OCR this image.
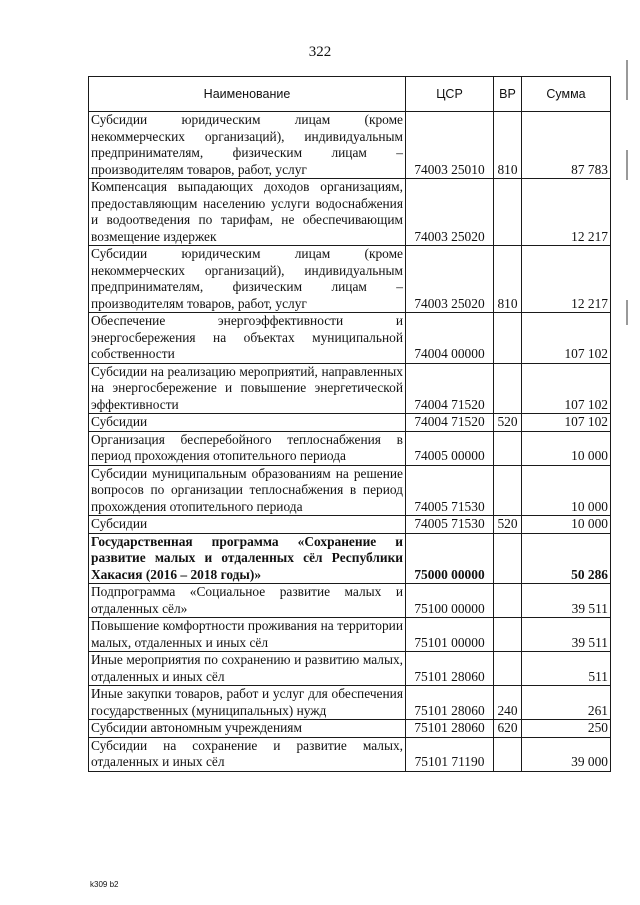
322
Наименование	ЦСР	ВР	Сумма
Субсидии юридическим лицам (кроме некоммерческих организаций), индивидуальным предпринимателям, физическим лицам – производителям товаров, работ, услуг	74003 25010	810	87 783
Компенсация выпадающих доходов организациям, предоставляющим населению услуги водоснабжения и водоотведения по тарифам, не обеспечивающим возмещение издержек	74003 25020		12 217
Субсидии юридическим лицам (кроме некоммерческих организаций), индивидуальным предпринимателям, физическим лицам – производителям товаров, работ, услуг	74003 25020	810	12 217
Обеспечение энергоэффективности и энергосбережения на объектах муниципальной собственности	74004 00000		107 102
Субсидии на реализацию мероприятий, направленных на энергосбережение и повышение энергетической эффективности	74004 71520		107 102
Субсидии	74004 71520	520	107 102
Организация бесперебойного теплоснабжения в период прохождения отопительного периода	74005 00000		10 000
Субсидии муниципальным образованиям на решение вопросов по организации теплоснабжения в период прохождения отопительного периода	74005 71530		10 000
Субсидии	74005 71530	520	10 000
Государственная программа «Сохранение и развитие малых и отдаленных сёл Республики Хакасия (2016 – 2018 годы)»	75000 00000		50 286
Подпрограмма «Социальное развитие малых и отдаленных сёл»	75100 00000		39 511
Повышение комфортности проживания на территории малых, отдаленных и иных сёл	75101 00000		39 511
Иные мероприятия по сохранению и развитию малых, отдаленных и иных сёл	75101 28060		511
Иные закупки товаров, работ и услуг для обеспечения государственных (муниципальных) нужд	75101 28060	240	261
Субсидии автономным учреждениям	75101 28060	620	250
Субсидии на сохранение и развитие малых, отдаленных и иных сёл	75101 71190		39 000
k309 b2
